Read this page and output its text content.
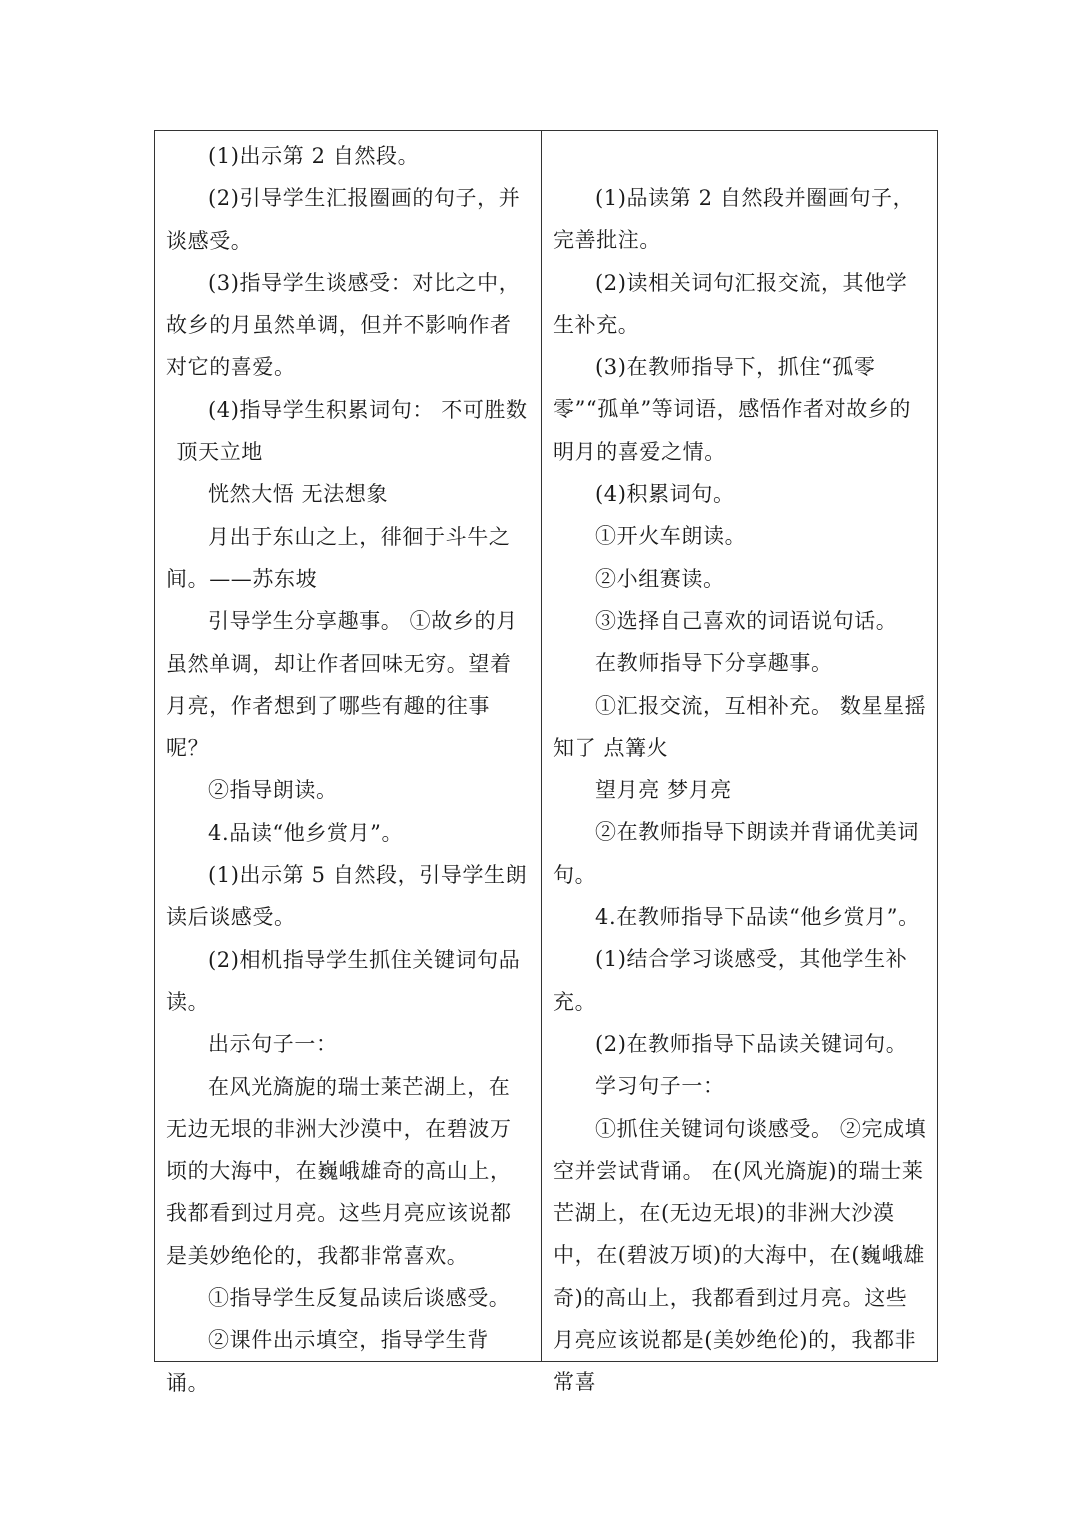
(1)出示第 2 自然段。

(2)引导学生汇报圈画的句子，并谈感受。

(3)指导学生谈感受：对比之中，故乡的月虽然单调，但并不影响作者对它的喜爱。

(4)指导学生积累词句： 不可胜数

顶天立地

恍然大悟 无法想象

月出于东山之上，徘徊于斗牛之间。——苏东坡

引导学生分享趣事。 ①故乡的月虽然单调，却让作者回味无穷。望着月亮，作者想到了哪些有趣的往事呢？

②指导朗读。

4.品读“他乡赏月”。

(1)出示第 5 自然段，引导学生朗读后谈感受。

(2)相机指导学生抓住关键词句品读。

出示句子一：

在风光旖旎的瑞士莱芒湖上，在无边无垠的非洲大沙漠中，在碧波万顷的大海中，在巍峨雄奇的高山上，我都看到过月亮。这些月亮应该说都是美妙绝伦的，我都非常喜欢。

①指导学生反复品读后谈感受。

②课件出示填空，指导学生背诵。

(1)品读第 2 自然段并圈画句子，完善批注。

(2)读相关词句汇报交流，其他学生补充。

(3)在教师指导下，抓住“孤零零”“孤单”等词语，感悟作者对故乡的明月的喜爱之情。

(4)积累词句。

①开火车朗读。

②小组赛读。

③选择自己喜欢的词语说句话。

在教师指导下分享趣事。

①汇报交流，互相补充。 数星星摇知了 点篝火

望月亮 梦月亮

②在教师指导下朗读并背诵优美词句。

4.在教师指导下品读“他乡赏月”。

(1)结合学习谈感受，其他学生补充。

(2)在教师指导下品读关键词句。

学习句子一：

①抓住关键词句谈感受。 ②完成填空并尝试背诵。 在(风光旖旎)的瑞士莱芒湖上，在(无边无垠)的非洲大沙漠中，在(碧波万顷)的大海中，在(巍峨雄奇)的高山上，我都看到过月亮。这些月亮应该说都是(美妙绝伦)的，我都非常喜
